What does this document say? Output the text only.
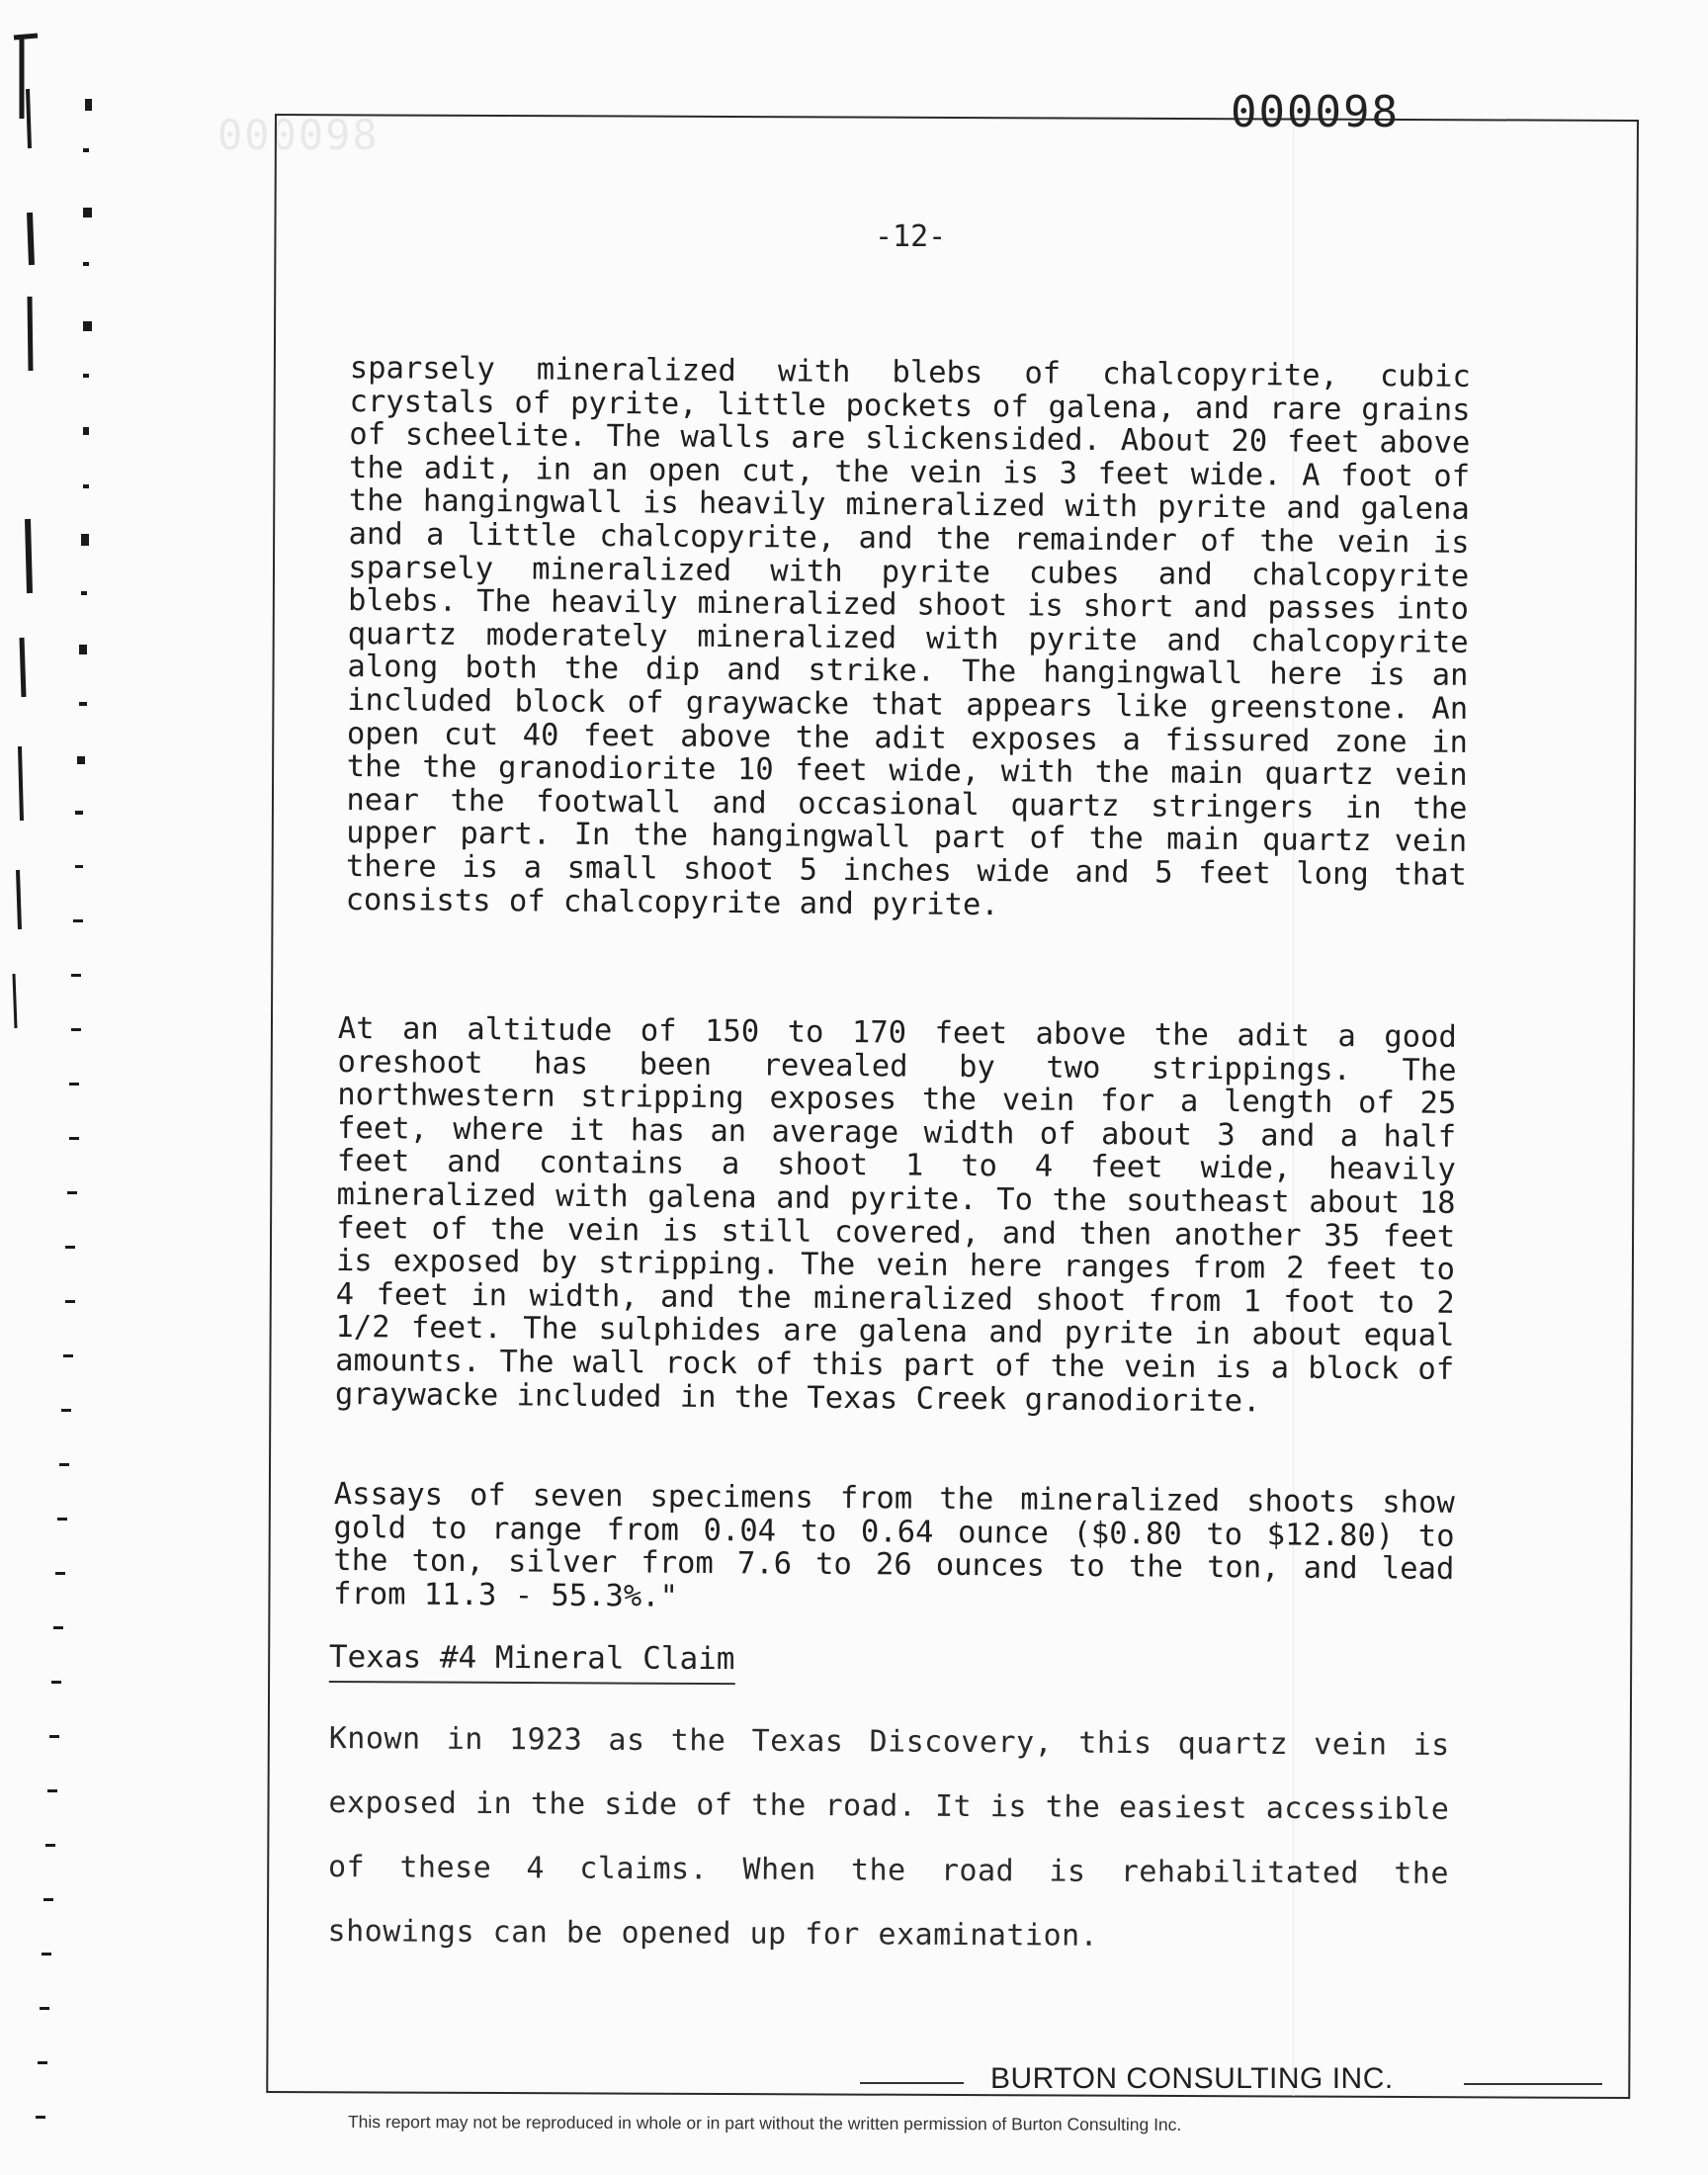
000098	000098
-12-
sparsely mineralized with blebs of chalcopyrite, cubic crystals of pyrite, little pockets of galena, and rare grains of scheelite. The walls are slickensided. About 20 feet above the adit, in an open cut, the vein is 3 feet wide. A foot of the hangingwall is heavily mineralized with pyrite and galena and a little chalcopyrite, and the remainder of the vein is sparsely mineralized with pyrite cubes and chalcopyrite blebs. The heavily mineralized shoot is short and passes into quartz moderately mineralized with pyrite and chalcopyrite along both the dip and strike. The hangingwall here is an included block of graywacke that appears like greenstone. An open cut 40 feet above the adit exposes a fissured zone in the the granodiorite 10 feet wide, with the main quartz vein near the footwall and occasional quartz stringers in the upper part. In the hangingwall part of the main quartz vein there is a small shoot 5 inches wide and 5 feet long that consists of chalcopyrite and pyrite.
At an altitude of 150 to 170 feet above the adit a good oreshoot has been revealed by two strippings. The northwestern stripping exposes the vein for a length of 25 feet, where it has an average width of about 3 and a half feet and contains a shoot 1 to 4 feet wide, heavily mineralized with galena and pyrite. To the southeast about 18 feet of the vein is still covered, and then another 35 feet is exposed by stripping. The vein here ranges from 2 feet to 4 feet in width, and the mineralized shoot from 1 foot to 2 1/2 feet. The sulphides are galena and pyrite in about equal amounts. The wall rock of this part of the vein is a block of graywacke included in the Texas Creek granodiorite.
Assays of seven specimens from the mineralized shoots show gold to range from 0.04 to 0.64 ounce ($0.80 to $12.80) to the ton, silver from 7.6 to 26 ounces to the ton, and lead from 11.3 - 55.3%."
Texas #4 Mineral Claim
Known in 1923 as the Texas Discovery, this quartz vein is exposed in the side of the road. It is the easiest accessible of these 4 claims. When the road is rehabilitated the showings can be opened up for examination.
BURTON CONSULTING INC.
This report may not be reproduced in whole or in part without the written permission of Burton Consulting Inc.
